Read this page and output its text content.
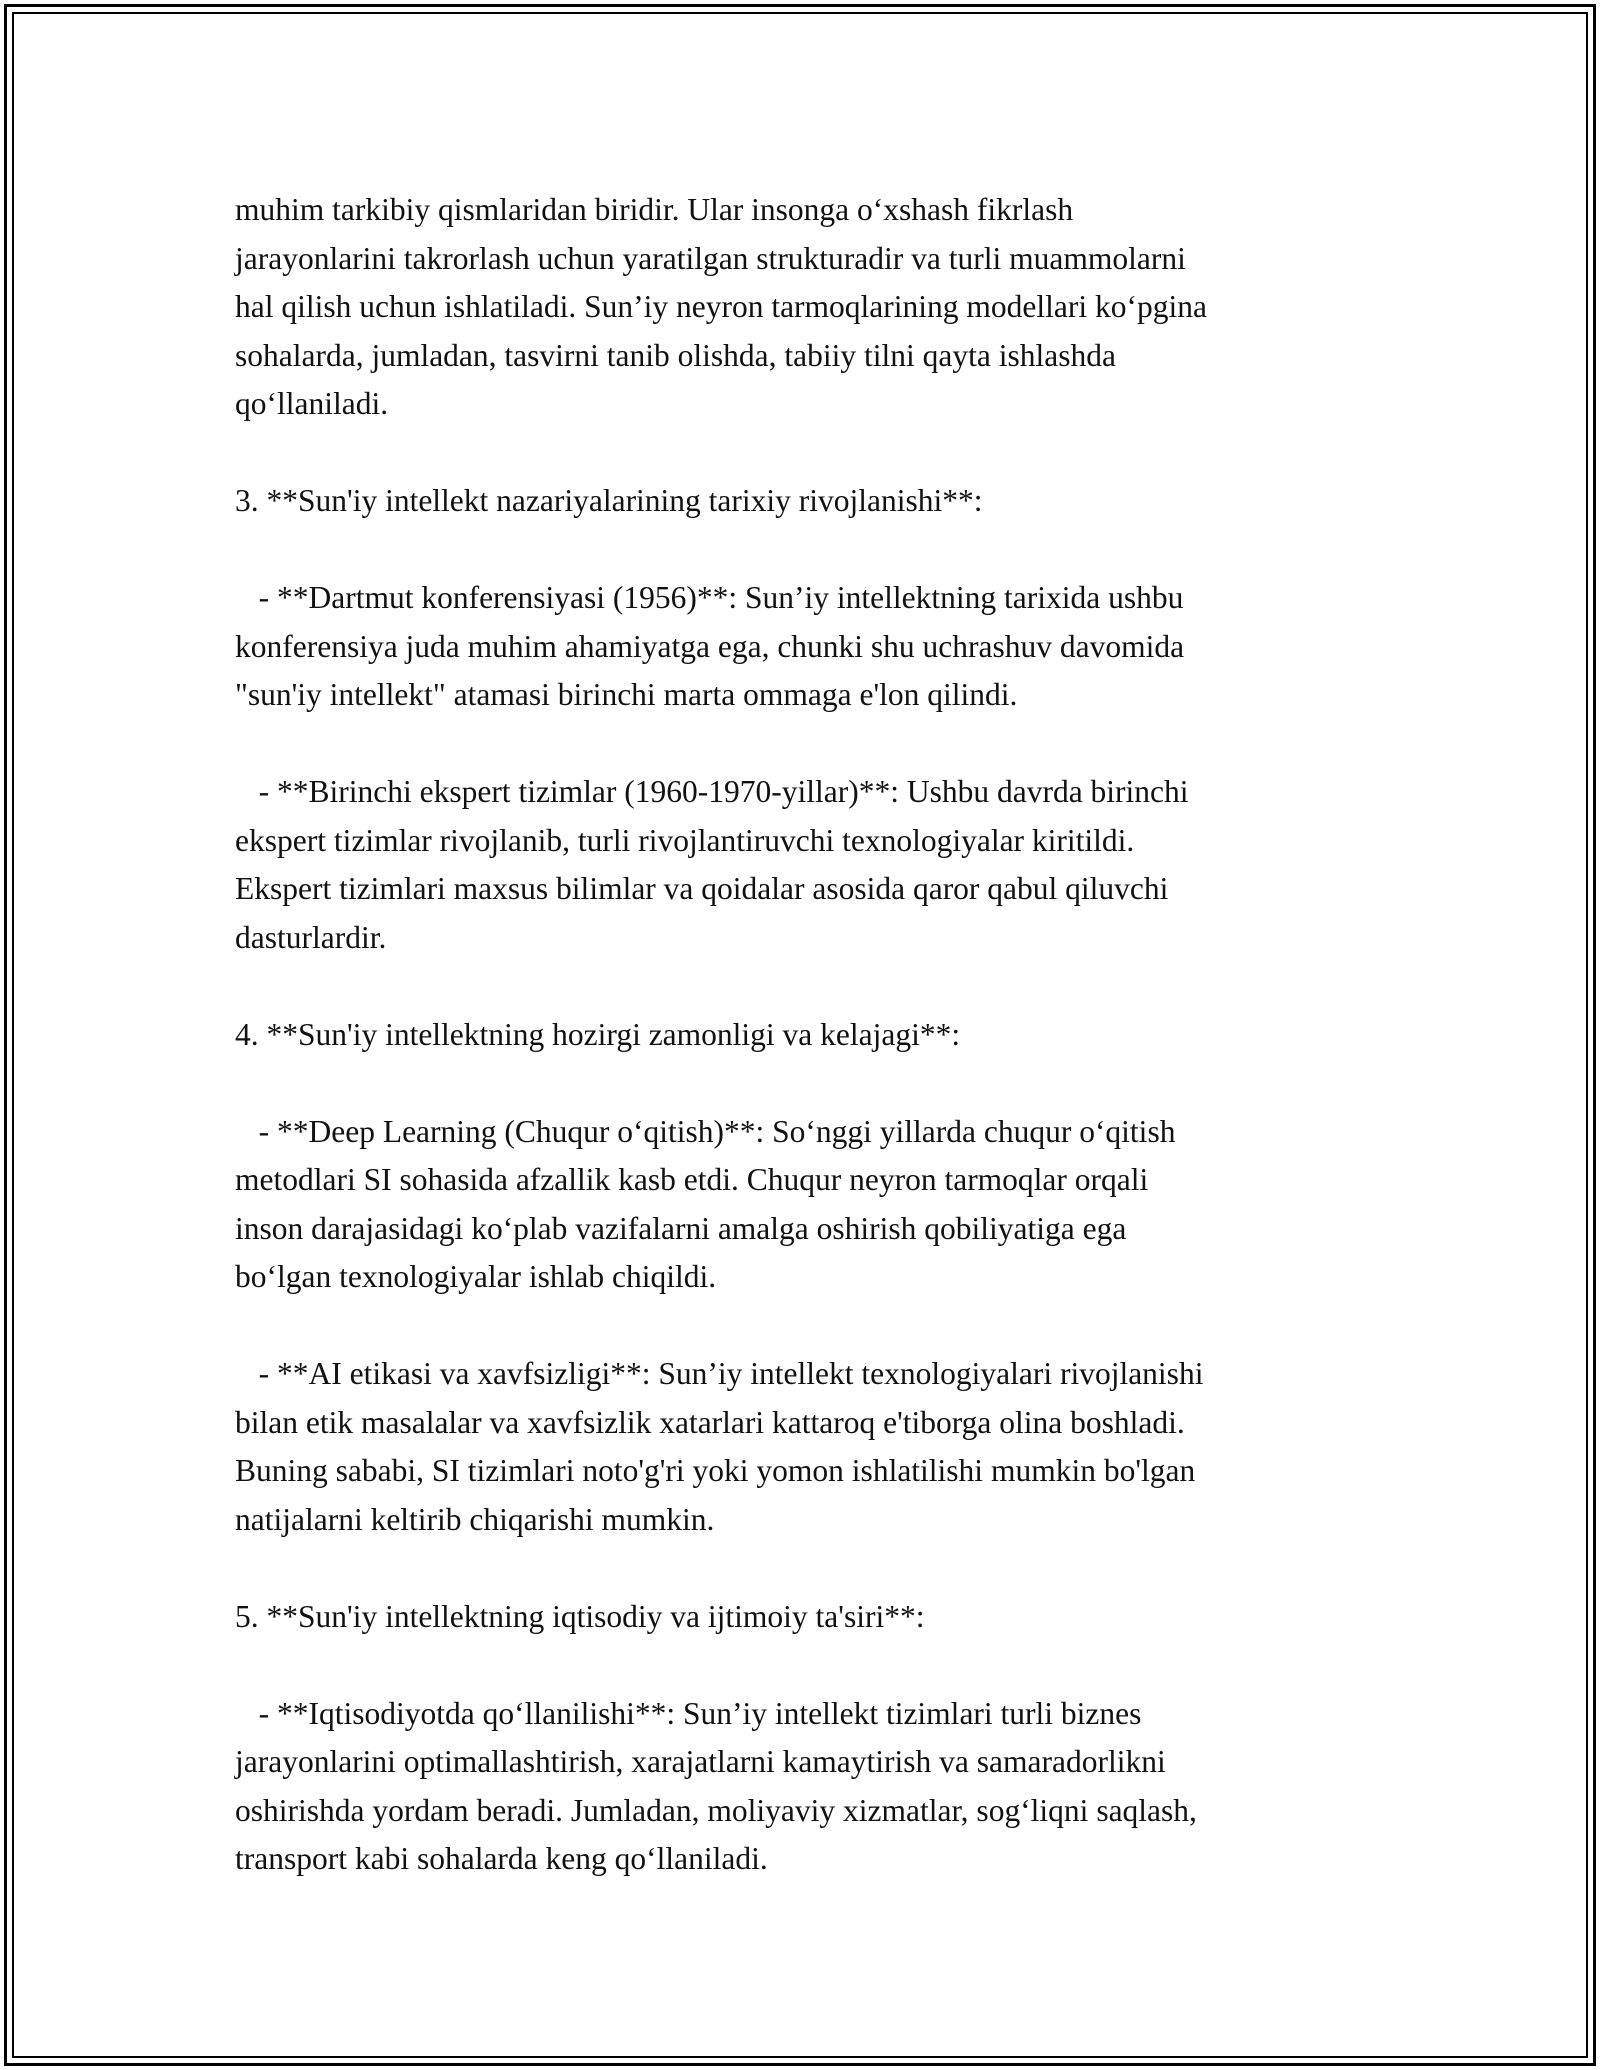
muhim tarkibiy qismlaridan biridir. Ular insonga o‘xshash fikrlash
jarayonlarini takrorlash uchun yaratilgan strukturadir va turli muammolarni
hal qilish uchun ishlatiladi. Sun’iy neyron tarmoqlarining modellari ko‘pgina
sohalarda, jumladan, tasvirni tanib olishda, tabiiy tilni qayta ishlashda
qo‘llaniladi.

3. **Sun'iy intellekt nazariyalarining tarixiy rivojlanishi**:

- **Dartmut konferensiyasi (1956)**: Sun’iy intellektning tarixida ushbu
konferensiya juda muhim ahamiyatga ega, chunki shu uchrashuv davomida
"sun'iy intellekt" atamasi birinchi marta ommaga e'lon qilindi.

- **Birinchi ekspert tizimlar (1960-1970-yillar)**: Ushbu davrda birinchi
ekspert tizimlar rivojlanib, turli rivojlantiruvchi texnologiyalar kiritildi.
Ekspert tizimlari maxsus bilimlar va qoidalar asosida qaror qabul qiluvchi
dasturlardir.

4. **Sun'iy intellektning hozirgi zamonligi va kelajagi**:

- **Deep Learning (Chuqur o‘qitish)**: So‘nggi yillarda chuqur o‘qitish
metodlari SI sohasida afzallik kasb etdi. Chuqur neyron tarmoqlar orqali
inson darajasidagi ko‘plab vazifalarni amalga oshirish qobiliyatiga ega
bo‘lgan texnologiyalar ishlab chiqildi.

- **AI etikasi va xavfsizligi**: Sun’iy intellekt texnologiyalari rivojlanishi
bilan etik masalalar va xavfsizlik xatarlari kattaroq e'tiborga olina boshladi.
Buning sababi, SI tizimlari noto'g'ri yoki yomon ishlatilishi mumkin bo'lgan
natijalarni keltirib chiqarishi mumkin.

5. **Sun'iy intellektning iqtisodiy va ijtimoiy ta'siri**:

- **Iqtisodiyotda qo‘llanilishi**: Sun’iy intellekt tizimlari turli biznes
jarayonlarini optimallashtirish, xarajatlarni kamaytirish va samaradorlikni
oshirishda yordam beradi. Jumladan, moliyaviy xizmatlar, sog‘liqni saqlash,
transport kabi sohalarda keng qo‘llaniladi.
